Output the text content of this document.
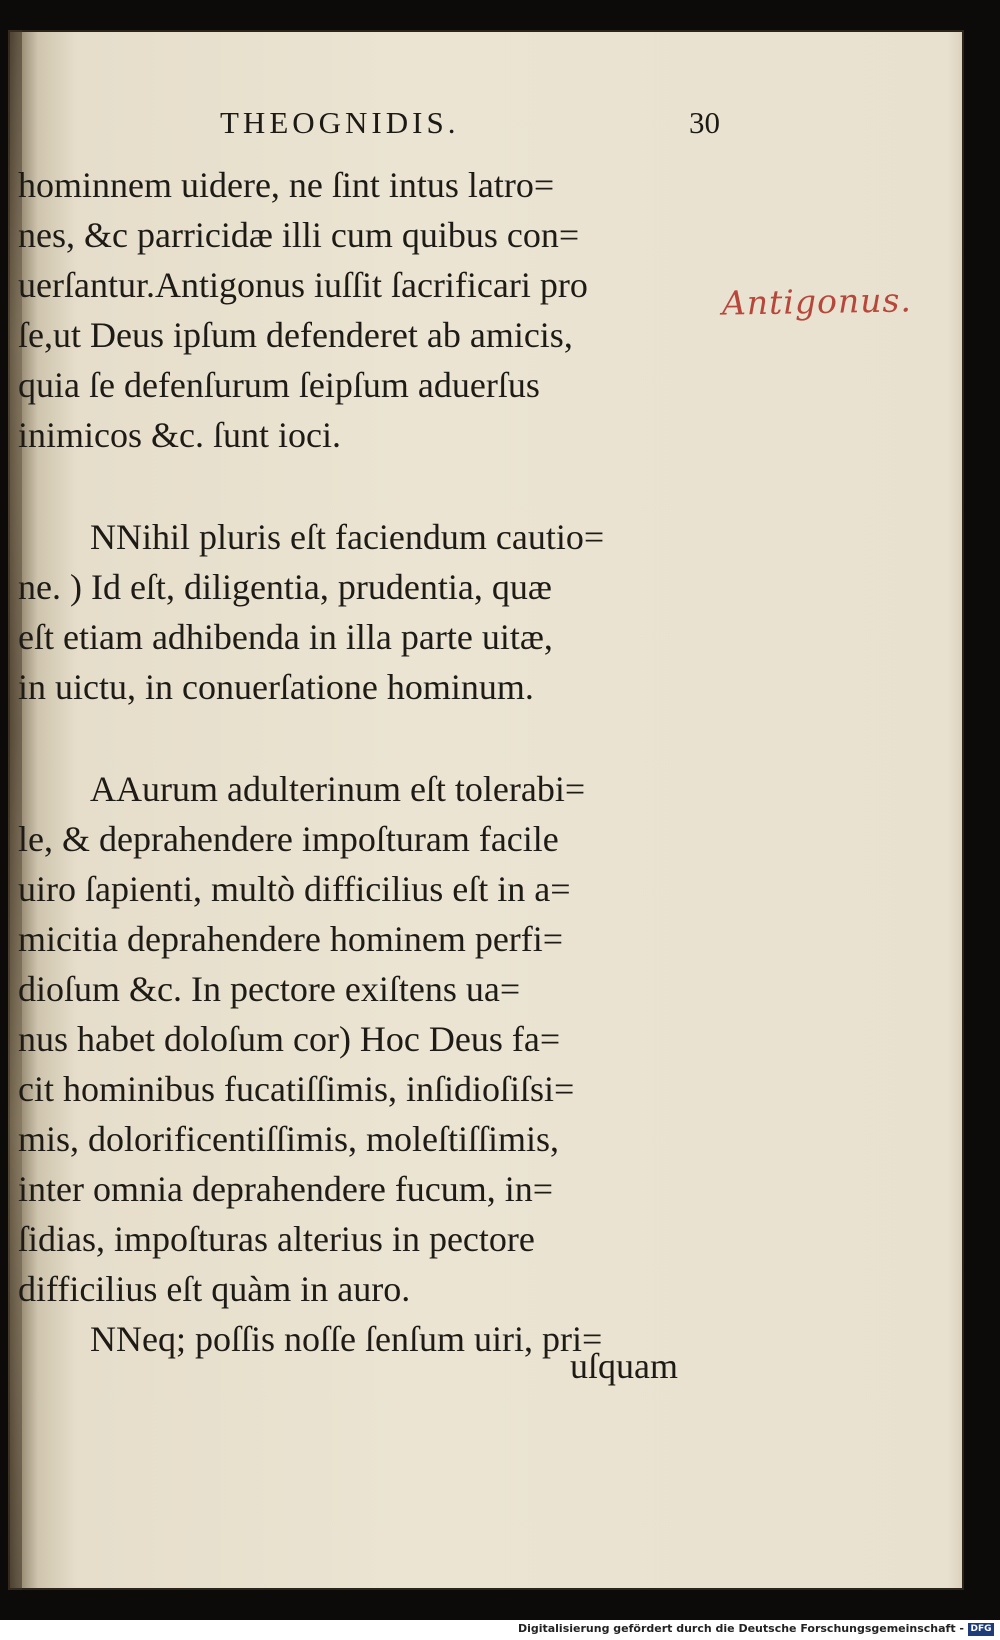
THEOGNIDIS.	30
hominnem uidere, ne ſint intus latro=
nes, &c parricidæ illi cum quibus con=
uerſantur.Antigonus iuſſit ſacrificari pro
ſe,ut Deus ipſum defenderet ab amicis,
quia ſe defenſurum ſeipſum aduerſus
inimicos &c. ſunt ioci.
NNihil pluris eſt faciendum cautio=
ne. ) Id eſt, diligentia, prudentia, quæ
eſt etiam adhibenda in illa parte uitæ,
in uictu, in conuerſatione hominum.
AAurum adulterinum eſt tolerabi=
le, & deprahendere impoſturam facile
uiro ſapienti, multò difficilius eſt in a=
micitia deprahendere hominem perfi=
dioſum &c. In pectore exiſtens ua=
nus habet doloſum cor) Hoc Deus fa=
cit hominibus fucatiſſimis, inſidioſiſsi=
mis, dolorificentiſſimis, moleſtiſſimis,
inter omnia deprahendere fucum, in=
ſidias, impoſturas alterius in pectore
difficilius eſt quàm in auro.
NNeq; poſſis noſſe ſenſum uiri, pri=
uſquam
Antigonus.
Digitalisierung gefördert durch die Deutsche Forschungsgemeinschaft - DFG
